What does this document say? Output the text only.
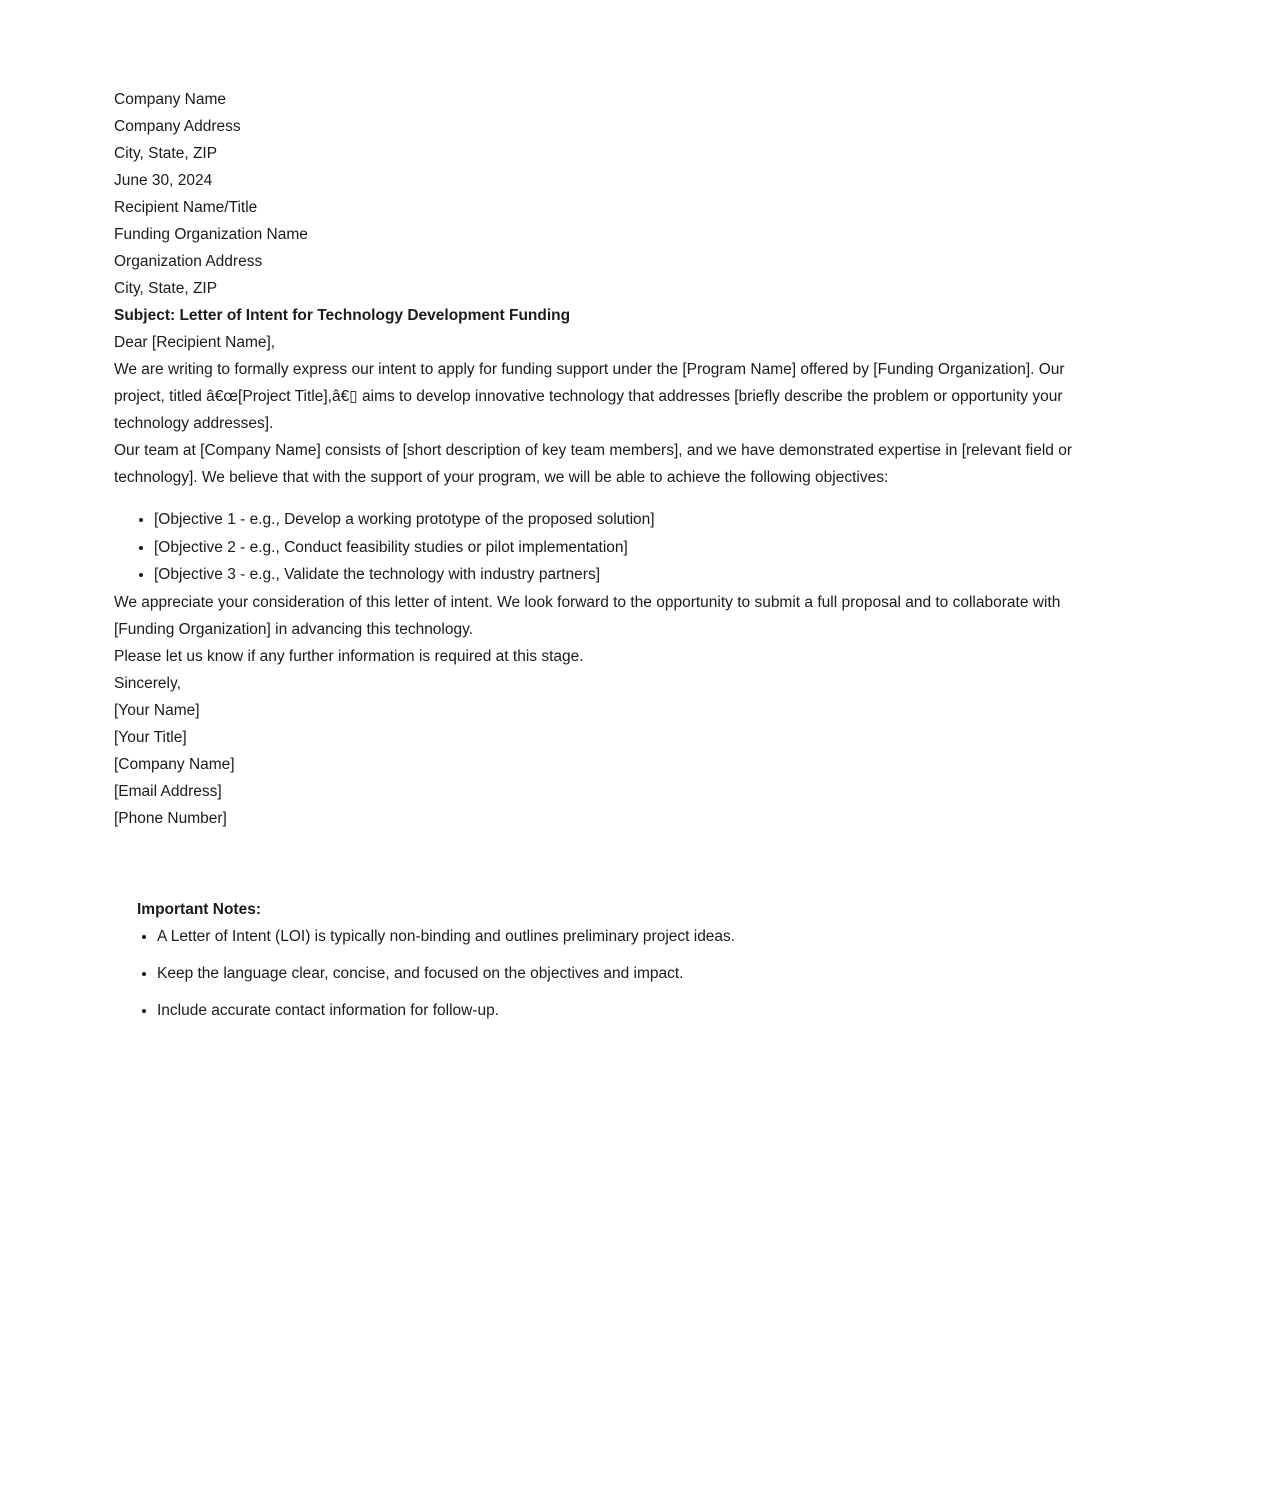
Company Name
Company Address
City, State, ZIP

June 30, 2024

Recipient Name/Title
Funding Organization Name
Organization Address
City, State, ZIP

Subject: Letter of Intent for Technology Development Funding

Dear [Recipient Name],

We are writing to formally express our intent to apply for funding support under the [Program Name] offered by [Funding Organization]. Our project, titled â€œ[Project Title],â€▯ aims to develop innovative technology that addresses [briefly describe the problem or opportunity your technology addresses].

Our team at [Company Name] consists of [short description of key team members], and we have demonstrated expertise in [relevant field or technology]. We believe that with the support of your program, we will be able to achieve the following objectives:

• [Objective 1 - e.g., Develop a working prototype of the proposed solution]
• [Objective 2 - e.g., Conduct feasibility studies or pilot implementation]
• [Objective 3 - e.g., Validate the technology with industry partners]

We appreciate your consideration of this letter of intent. We look forward to the opportunity to submit a full proposal and to collaborate with [Funding Organization] in advancing this technology.

Please let us know if any further information is required at this stage.

Sincerely,

[Your Name]
[Your Title]
[Company Name]
[Email Address]
[Phone Number]

Important Notes:

• A Letter of Intent (LOI) is typically non-binding and outlines preliminary project ideas.
• Keep the language clear, concise, and focused on the objectives and impact.
• Include accurate contact information for follow-up.
